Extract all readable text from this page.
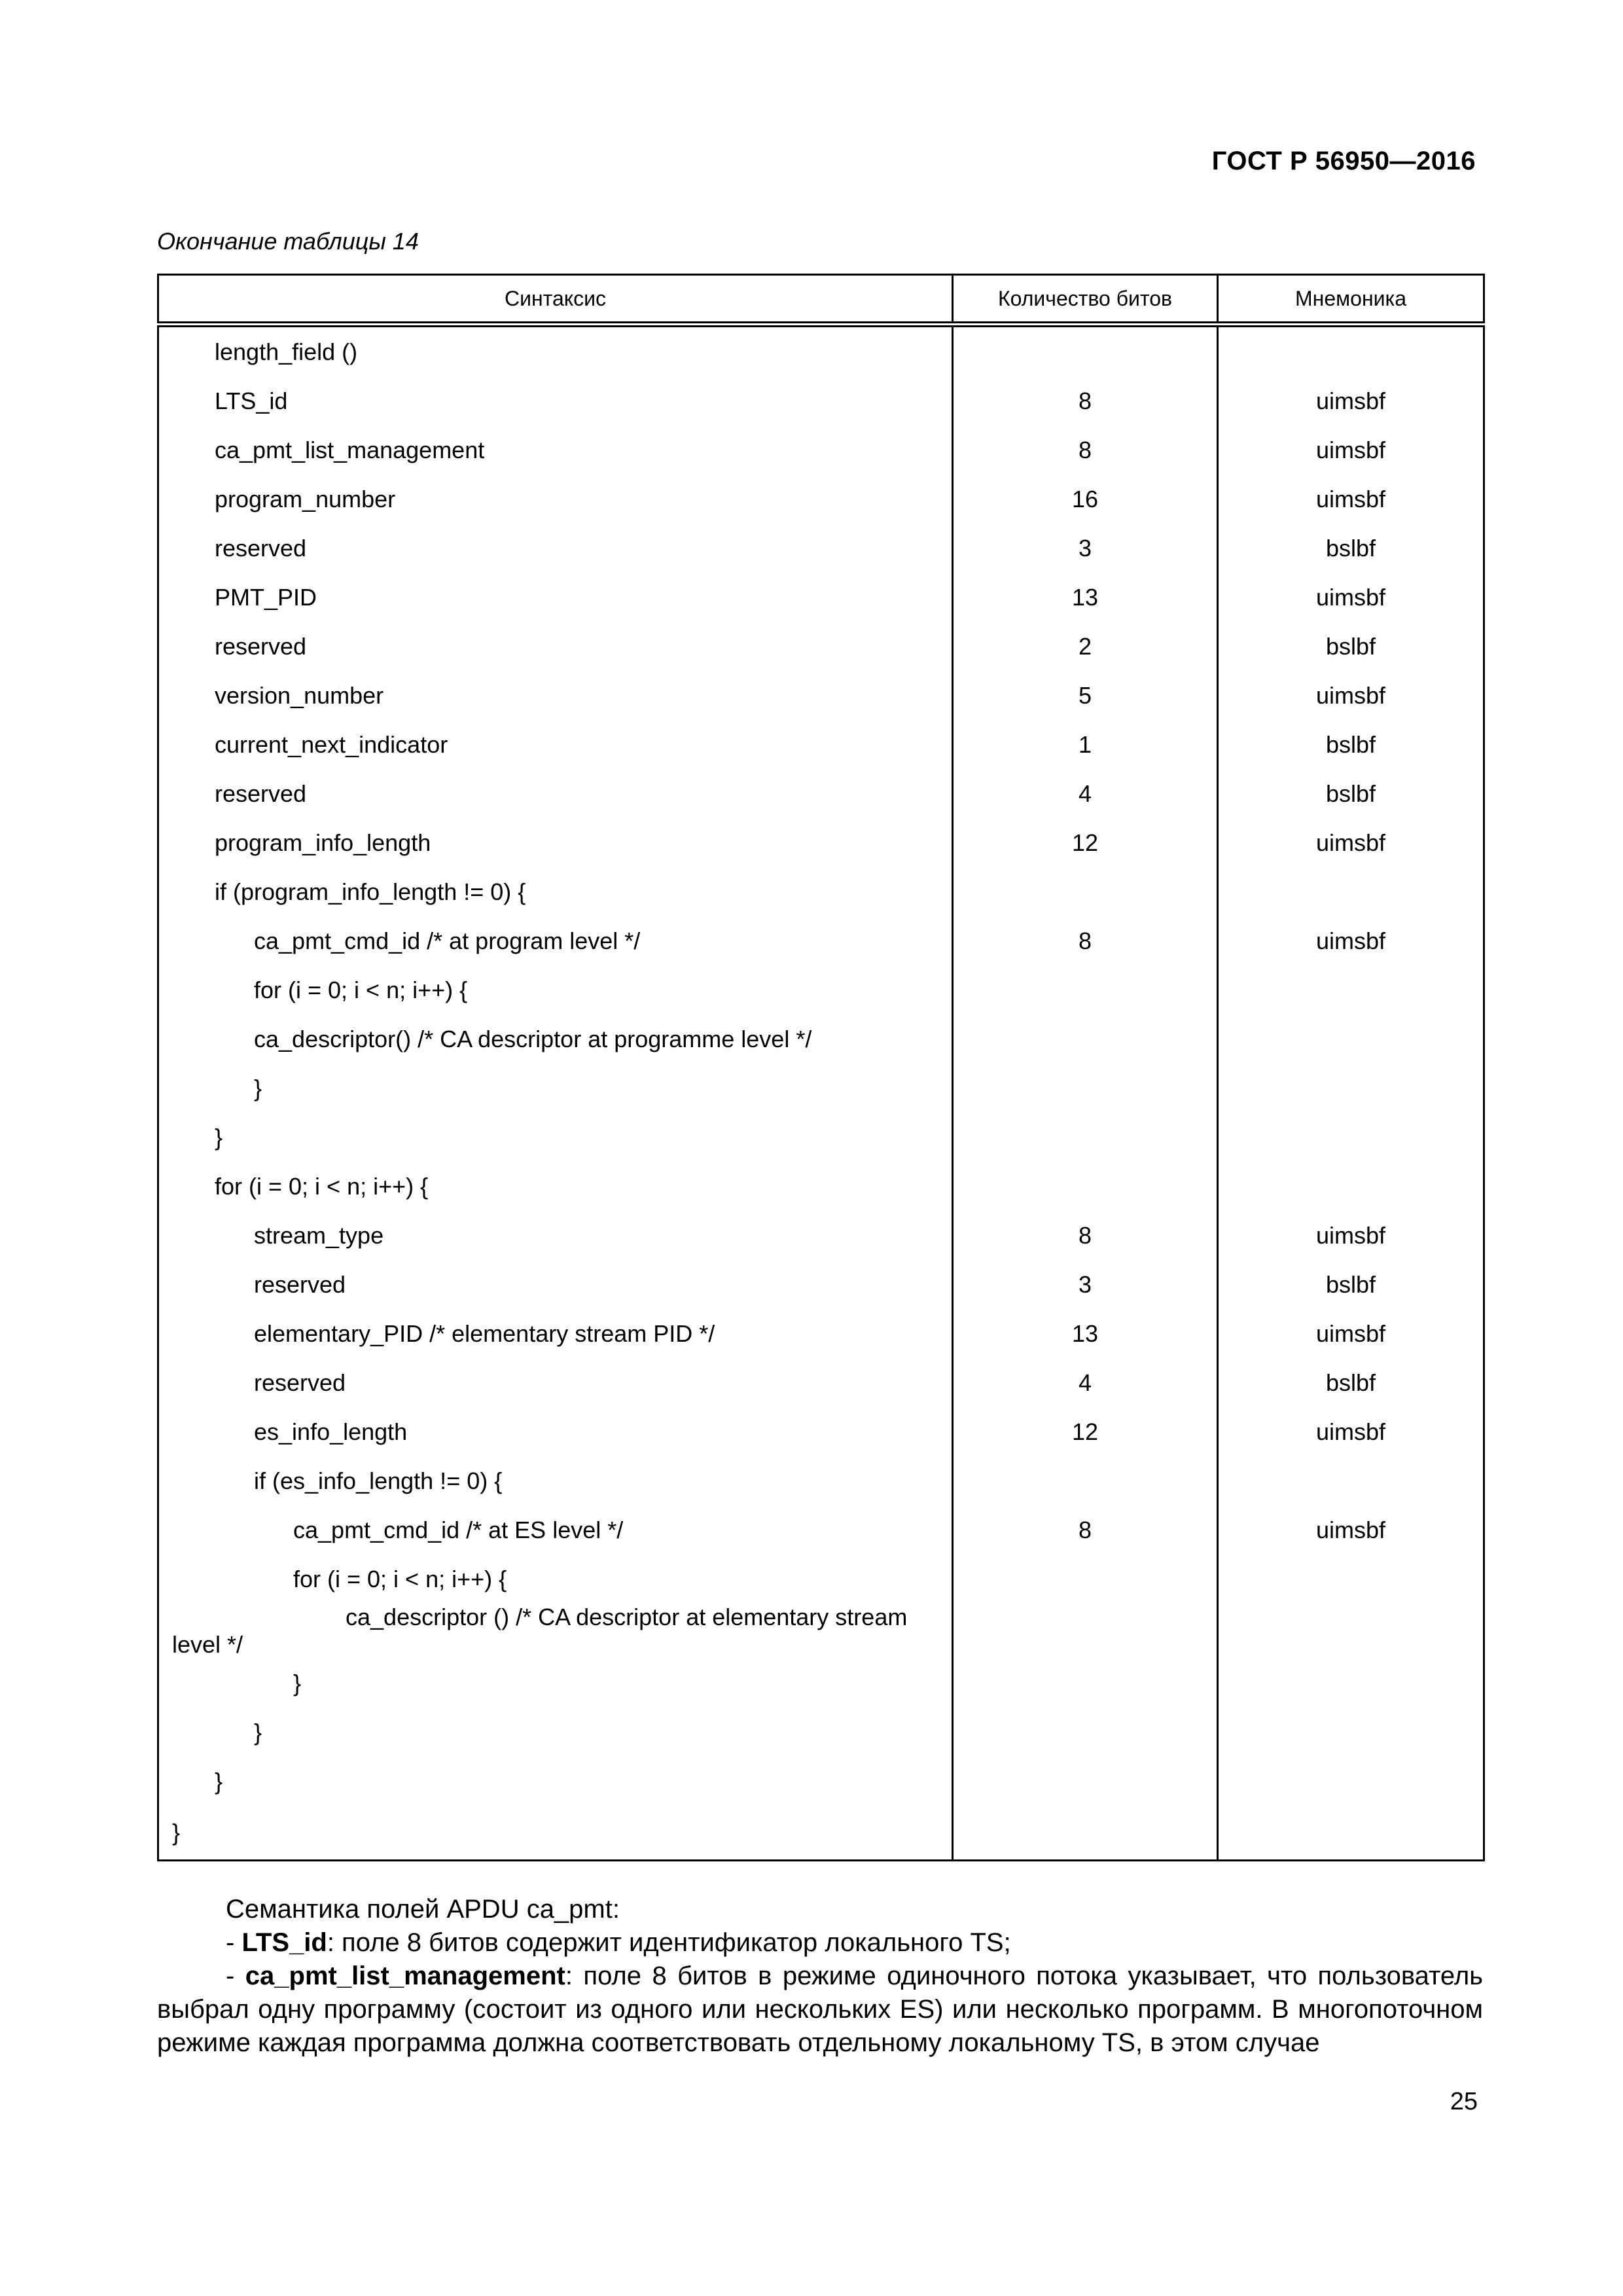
ГОСТ Р 56950—2016
Окончание таблицы 14
Синтаксис	Количество битов	Мнемоника
length_field ()		
LTS_id	8	uimsbf
ca_pmt_list_management	8	uimsbf
program_number	16	uimsbf
reserved	3	bslbf
PMT_PID	13	uimsbf
reserved	2	bslbf
version_number	5	uimsbf
current_next_indicator	1	bslbf
reserved	4	bslbf
program_info_length	12	uimsbf
if (program_info_length != 0) {		
ca_pmt_cmd_id /* at program level */	8	uimsbf
for (i = 0; i < n; i++) {		
ca_descriptor() /* CA descriptor at programme level */		
}		
}		
for (i = 0; i < n; i++) {		
stream_type	8	uimsbf
reserved	3	bslbf
elementary_PID /* elementary stream PID */	13	uimsbf
reserved	4	bslbf
es_info_length	12	uimsbf
if (es_info_length != 0) {		
ca_pmt_cmd_id /* at ES level */	8	uimsbf
for (i = 0; i < n; i++) {		

ca_descriptor () /* CA descriptor at elementary stream
level */		
}		
}		
}		
}		

Семантика полей APDU ca_pmt:

- LTS_id: поле 8 битов содержит идентификатор локального TS;

- ca_pmt_list_management: поле 8 битов в режиме одиночного потока указывает, что пользователь выбрал одну программу (состоит из одного или нескольких ES) или несколько программ. В многопоточном режиме каждая программа должна соответствовать отдельному локальному TS, в этом случае

25
